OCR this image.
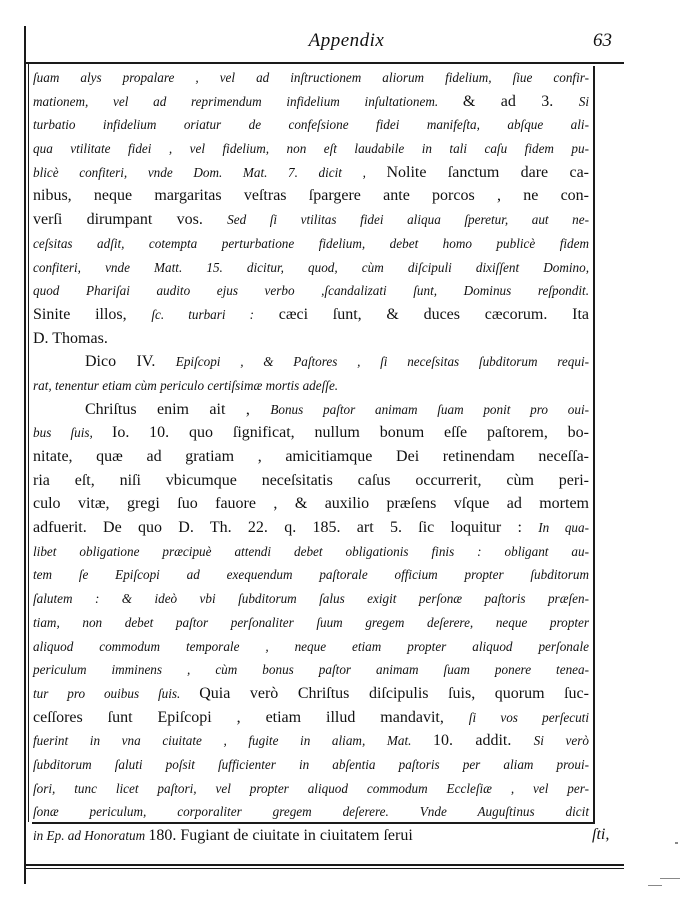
Appendix	63
ſuam alys propalare , vel ad inſtructionem aliorum fidelium, ſiue confir-
mationem, vel ad reprimendum infidelium inſultationem. & ad 3. Si
turbatio infidelium oriatur de confeſsione fidei manifeſta, abſque ali-
qua vtilitate fidei , vel fidelium, non eſt laudabile in tali caſu fidem pu-
blicè confiteri, vnde Dom. Mat. 7. dicit , Nolite ſanctum dare ca-
nibus, neque margaritas veſtras ſpargere ante porcos , ne con-
verſi dirumpant vos. Sed ſi vtilitas fidei aliqua ſperetur, aut ne-
ceſsitas adſit, cotempta perturbatione fidelium, debet homo publicè fidem
confiteri, vnde Matt. 15. dicitur, quod, cùm diſcipuli dixiſſent Domino,
quod Phariſai audito ejus verbo ,ſcandalizati ſunt, Dominus reſpondit.
Sinite illos, ſc. turbari : cæci ſunt, & duces cæcorum. Ita
D. Thomas.
Dico IV. Epiſcopi , & Paſtores , ſi neceſsitas ſubditorum requi-
rat, tenentur etiam cùm periculo certiſsimæ mortis adeſſe.
Chriſtus enim ait , Bonus paſtor animam ſuam ponit pro oui-
bus ſuis, Io. 10. quo ſignificat, nullum bonum eſſe paſtorem, bo-
nitate, quæ ad gratiam , amicitiamque Dei retinendam neceſſa-
ria eſt, niſi vbicumque neceſsitatis caſus occurrerit, cùm peri-
culo vitæ, gregi ſuo fauore , & auxilio præſens vſque ad mortem
adfuerit. De quo D. Th. 22. q. 185. art 5. ſic loquitur : In qua-
libet obligatione præcipuè attendi debet obligationis finis : obligant au-
tem ſe Epiſcopi ad exequendum paſtorale officium propter ſubditorum
ſalutem : & ideò vbi ſubditorum ſalus exigit perſonæ paſtoris præſen-
tiam, non debet paſtor perſonaliter ſuum gregem deſerere, neque propter
aliquod commodum temporale , neque etiam propter aliquod perſonale
periculum imminens , cùm bonus paſtor animam ſuam ponere tenea-
tur pro ouibus ſuis. Quia verò Chriſtus diſcipulis ſuis, quorum ſuc-
ceſſores ſunt Epiſcopi , etiam illud mandavit, ſi vos perſecuti
fuerint in vna ciuitate , fugite in aliam, Mat. 10. addit. Si verò
ſubditorum ſaluti poſsit ſufficienter in abſentia paſtoris per aliam proui-
ſori, tunc licet paſtori, vel propter aliquod commodum Eccleſiæ , vel per-
ſonæ periculum, corporaliter gregem deſerere. Vnde Auguſtinus dicit
in Ep. ad Honoratum 180. Fugiant de ciuitate in ciuitatem ſerui	ſti,
